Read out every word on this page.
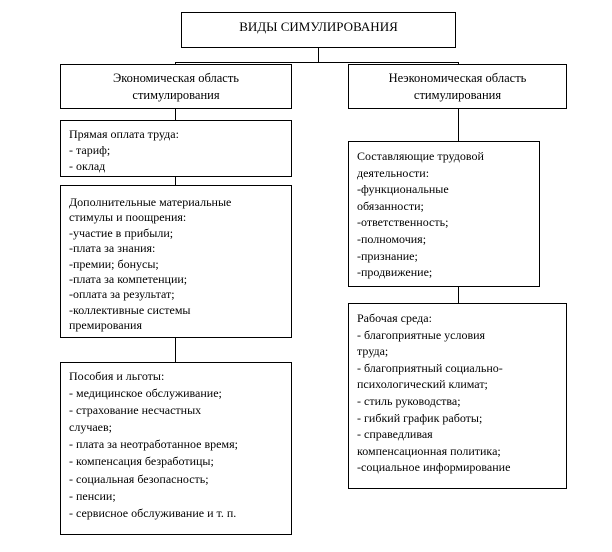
ВИДЫ СИМУЛИРОВАНИЯ
Экономическая область
стимулирования
Неэкономическая область
стимулирования
Прямая оплата труда:
- тариф;
- оклад
Дополнительные материальные
стимулы и поощрения:
-участие в прибыли;
-плата за знания:
-премии; бонусы;
-плата за компетенции;
-оплата за результат;
-коллективные системы
премирования
Пособия и льготы:
- медицинское обслуживание;
- страхование несчастных
случаев;
- плата за неотработанное время;
- компенсация безработицы;
- социальная безопасность;
- пенсии;
- сервисное обслуживание и т. п.
Составляющие трудовой
деятельности:
-функциональные
обязанности;
-ответственность;
-полномочия;
-признание;
-продвижение;
Рабочая среда:
- благоприятные условия
труда;
- благоприятный социально-
психологический климат;
- стиль руководства;
- гибкий график работы;
- справедливая
компенсационная политика;
-социальное информирование
